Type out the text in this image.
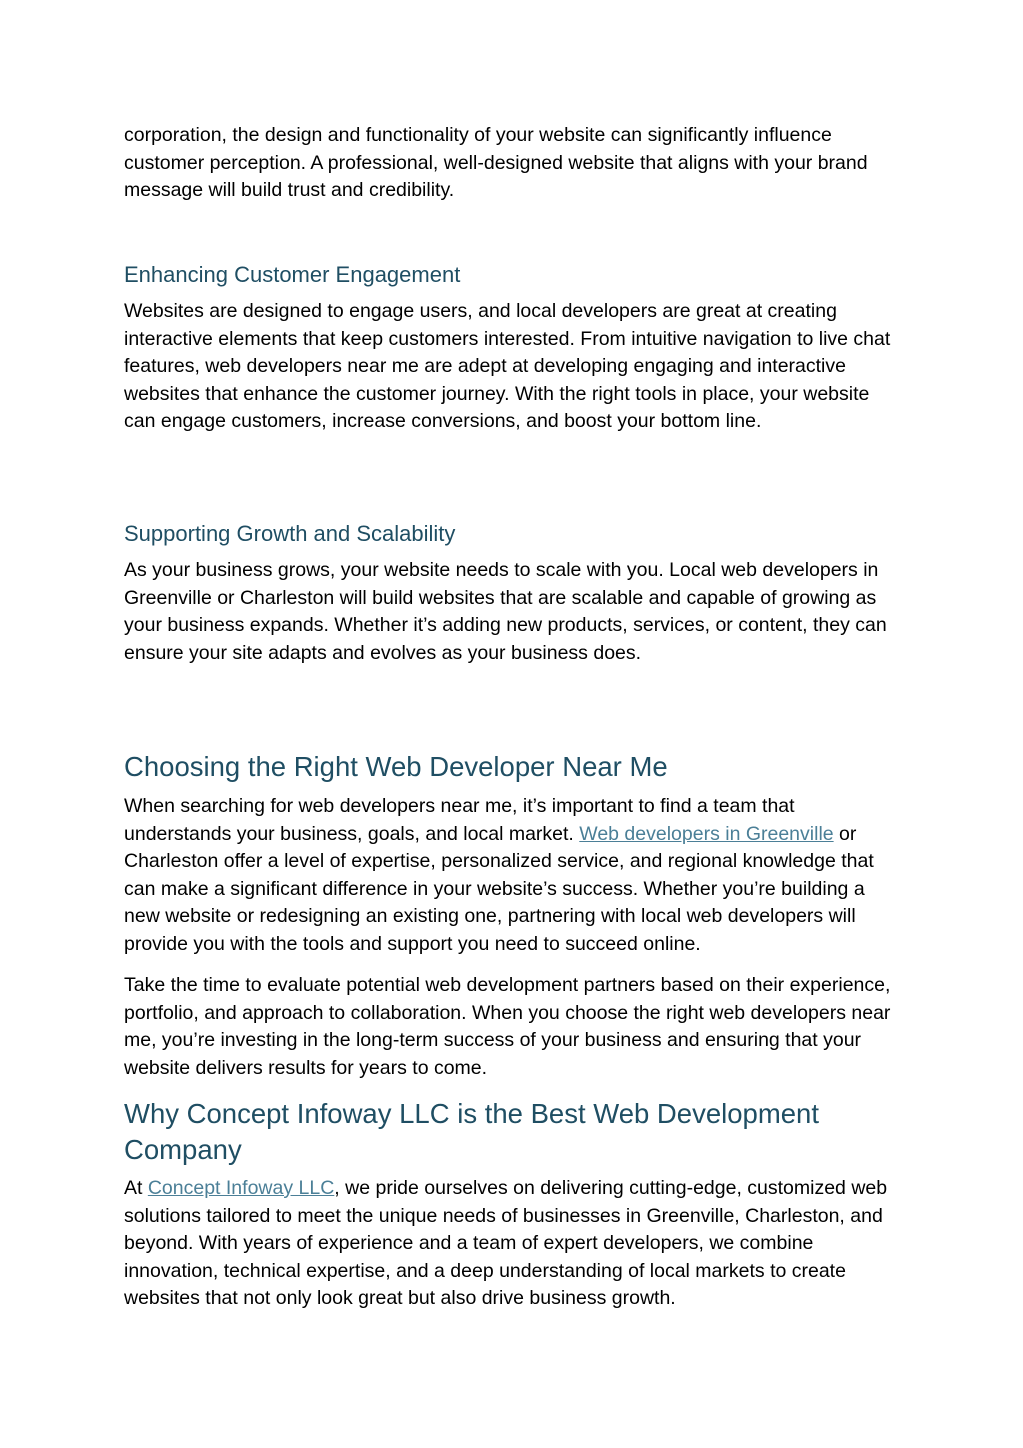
corporation, the design and functionality of your website can significantly influence customer perception. A professional, well-designed website that aligns with your brand message will build trust and credibility.

Enhancing Customer Engagement

Websites are designed to engage users, and local developers are great at creating interactive elements that keep customers interested. From intuitive navigation to live chat features, web developers near me are adept at developing engaging and interactive websites that enhance the customer journey. With the right tools in place, your website can engage customers, increase conversions, and boost your bottom line.

Supporting Growth and Scalability

As your business grows, your website needs to scale with you. Local web developers in Greenville or Charleston will build websites that are scalable and capable of growing as your business expands. Whether it’s adding new products, services, or content, they can ensure your site adapts and evolves as your business does.

Choosing the Right Web Developer Near Me

When searching for web developers near me, it’s important to find a team that understands your business, goals, and local market. Web developers in Greenville or Charleston offer a level of expertise, personalized service, and regional knowledge that can make a significant difference in your website’s success. Whether you’re building a new website or redesigning an existing one, partnering with local web developers will provide you with the tools and support you need to succeed online.

Take the time to evaluate potential web development partners based on their experience, portfolio, and approach to collaboration. When you choose the right web developers near me, you’re investing in the long-term success of your business and ensuring that your website delivers results for years to come.

Why Concept Infoway LLC is the Best Web Development Company

At Concept Infoway LLC, we pride ourselves on delivering cutting-edge, customized web solutions tailored to meet the unique needs of businesses in Greenville, Charleston, and beyond. With years of experience and a team of expert developers, we combine innovation, technical expertise, and a deep understanding of local markets to create websites that not only look great but also drive business growth.
